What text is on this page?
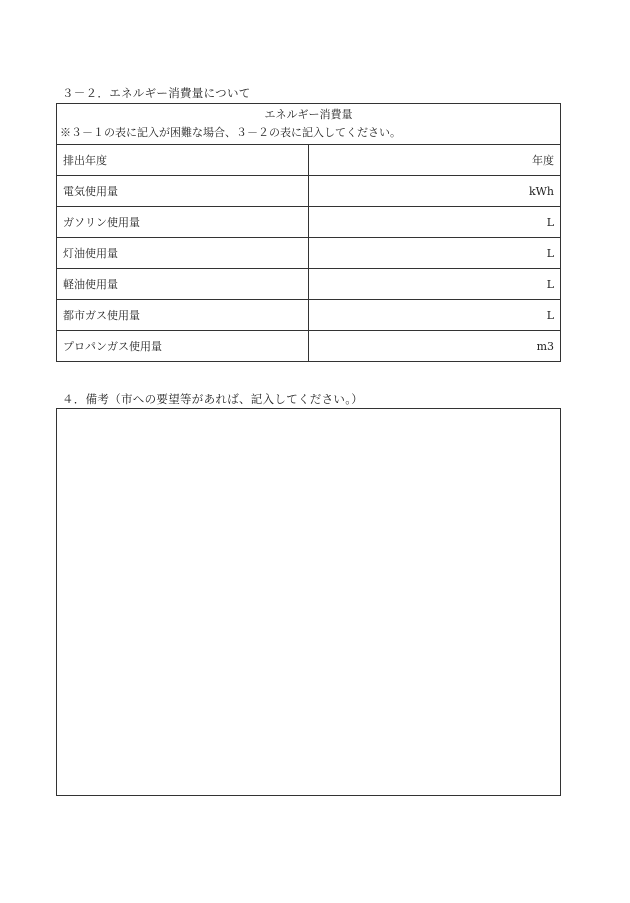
３－２．エネルギー消費量について
エネルギー消費量
※３－１の表に記入が困難な場合、３－２の表に記入してください。	

排出年度	年度
電気使用量	kWh
ガソリン使用量	L
灯油使用量	L
軽油使用量	L
都市ガス使用量	L
プロパンガス使用量	m3
４．備考（市への要望等があれば、記入してください。）
